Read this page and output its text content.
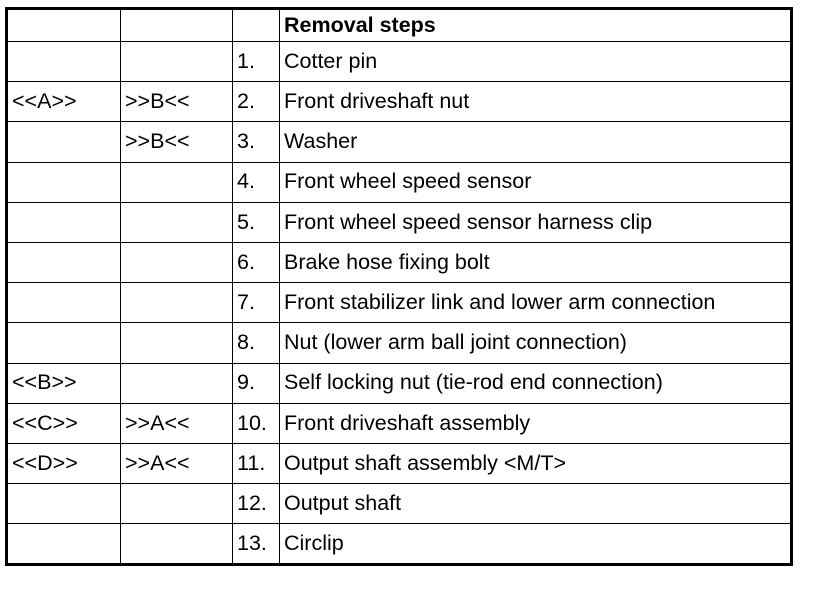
			Removal steps
		1.	Cotter pin
<<A>>	>>B<<	2.	Front driveshaft nut
	>>B<<	3.	Washer
		4.	Front wheel speed sensor
		5.	Front wheel speed sensor harness clip
		6.	Brake hose fixing bolt
		7.	Front stabilizer link and lower arm connection
		8.	Nut (lower arm ball joint connection)
<<B>>		9.	Self locking nut (tie-rod end connection)
<<C>>	>>A<<	10.	Front driveshaft assembly
<<D>>	>>A<<	11.	Output shaft assembly <M/T>
		12.	Output shaft
		13.	Circlip
